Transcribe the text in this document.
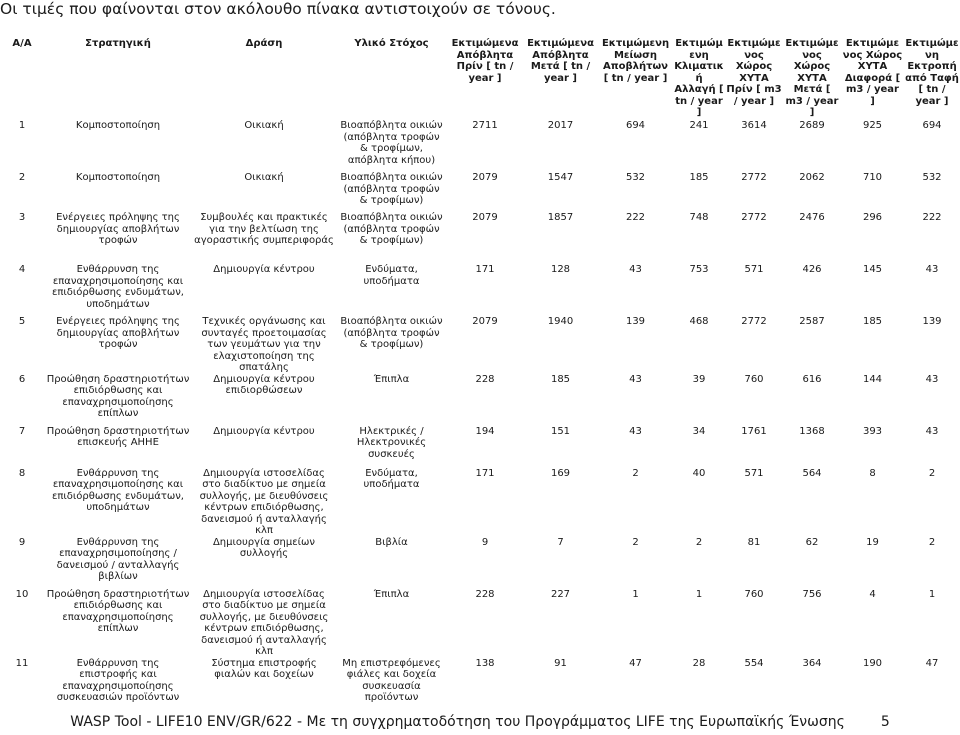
Οι τιμές που φαίνονται στον ακόλουθο πίνακα αντιστοιχούν σε τόνους.
Α/Α	Στρατηγική	Δράση	Υλικό Στόχος	Εκτιμώμενα Απόβλητα Πρίν [ tn / year ]	Εκτιμώμενα Απόβλητα Μετά [ tn / year ]	Εκτιμώμενη Μείωση Αποβλήτων [ tn / year ]	Εκτιμώμ ενη Κλιματικ ή Αλλαγή [ tn / year ]	Εκτιμώμε νος Χώρος ΧΥΤΑ Πρίν [ m3 / year ]	Εκτιμώμε νος Χώρος ΧΥΤΑ Μετά [ m3 / year ]	Εκτιμώμε νος Χώρος ΧΥΤΑ Διαφορά [ m3 / year ]	Εκτιμώμε νη Εκτροπή από Ταφή [ tn / year ]
1	Κομποστοποίηση	Οικιακή	Βιοαπόβλητα οικιών (απόβλητα τροφών & τροφίμων, απόβλητα κήπου)	2711	2017	694	241	3614	2689	925	694
2	Κομποστοποίηση	Οικιακή	Βιοαπόβλητα οικιών (απόβλητα τροφών & τροφίμων)	2079	1547	532	185	2772	2062	710	532
3	Ενέργειες πρόληψης της δημιουργίας αποβλήτων τροφών	Συμβουλές και πρακτικές για την βελτίωση της αγοραστικής συμπεριφοράς	Βιοαπόβλητα οικιών (απόβλητα τροφών & τροφίμων)	2079	1857	222	748	2772	2476	296	222
4	Ενθάρρυνση της επαναχρησιμοποίησης και επιδιόρθωσης ενδυμάτων, υποδημάτων	Δημιουργία κέντρου	Ενδύματα, υποδήματα	171	128	43	753	571	426	145	43
5	Ενέργειες πρόληψης της δημιουργίας αποβλήτων τροφών	Τεχνικές οργάνωσης και συνταγές προετοιμασίας των γευμάτων για την ελαχιστοποίηση της σπατάλης	Βιοαπόβλητα οικιών (απόβλητα τροφών & τροφίμων)	2079	1940	139	468	2772	2587	185	139
6	Προώθηση δραστηριοτήτων επιδιόρθωσης και επαναχρησιμοποίησης επίπλων	Δημιουργία κέντρου επιδιορθώσεων	Έπιπλα	228	185	43	39	760	616	144	43
7	Προώθηση δραστηριοτήτων επισκευής ΑΗΗΕ	Δημιουργία κέντρου	Ηλεκτρικές / Ηλεκτρονικές συσκευές	194	151	43	34	1761	1368	393	43
8	Ενθάρρυνση της επαναχρησιμοποίησης και επιδιόρθωσης ενδυμάτων, υποδημάτων	Δημιουργία ιστοσελίδας στο διαδίκτυο με σημεία συλλογής, με διευθύνσεις κέντρων επιδιόρθωσης, δανεισμού ή ανταλλαγής κλπ	Ενδύματα, υποδήματα	171	169	2	40	571	564	8	2
9	Ενθάρρυνση της επαναχρησιμοποίησης / δανεισμού / ανταλλαγής βιβλίων	Δημιουργία σημείων συλλογής	Βιβλία	9	7	2	2	81	62	19	2
10	Προώθηση δραστηριοτήτων επιδιόρθωσης και επαναχρησιμοποίησης επίπλων	Δημιουργία ιστοσελίδας στο διαδίκτυο με σημεία συλλογής, με διευθύνσεις κέντρων επιδιόρθωσης, δανεισμού ή ανταλλαγής κλπ	Έπιπλα	228	227	1	1	760	756	4	1
11	Ενθάρρυνση της επιστροφής και επαναχρησιμοποίησης συσκευασιών προϊόντων	Σύστημα επιστροφής φιαλών και δοχείων	Μη επιστρεφόμενες φιάλες και δοχεία συσκευασία προϊόντων	138	91	47	28	554	364	190	47
WASP Tool - LIFE10 ENV/GR/622 - Με τη συγχρηματοδότηση του Προγράμματος LIFE της Ευρωπαϊκής Ένωσης	5
